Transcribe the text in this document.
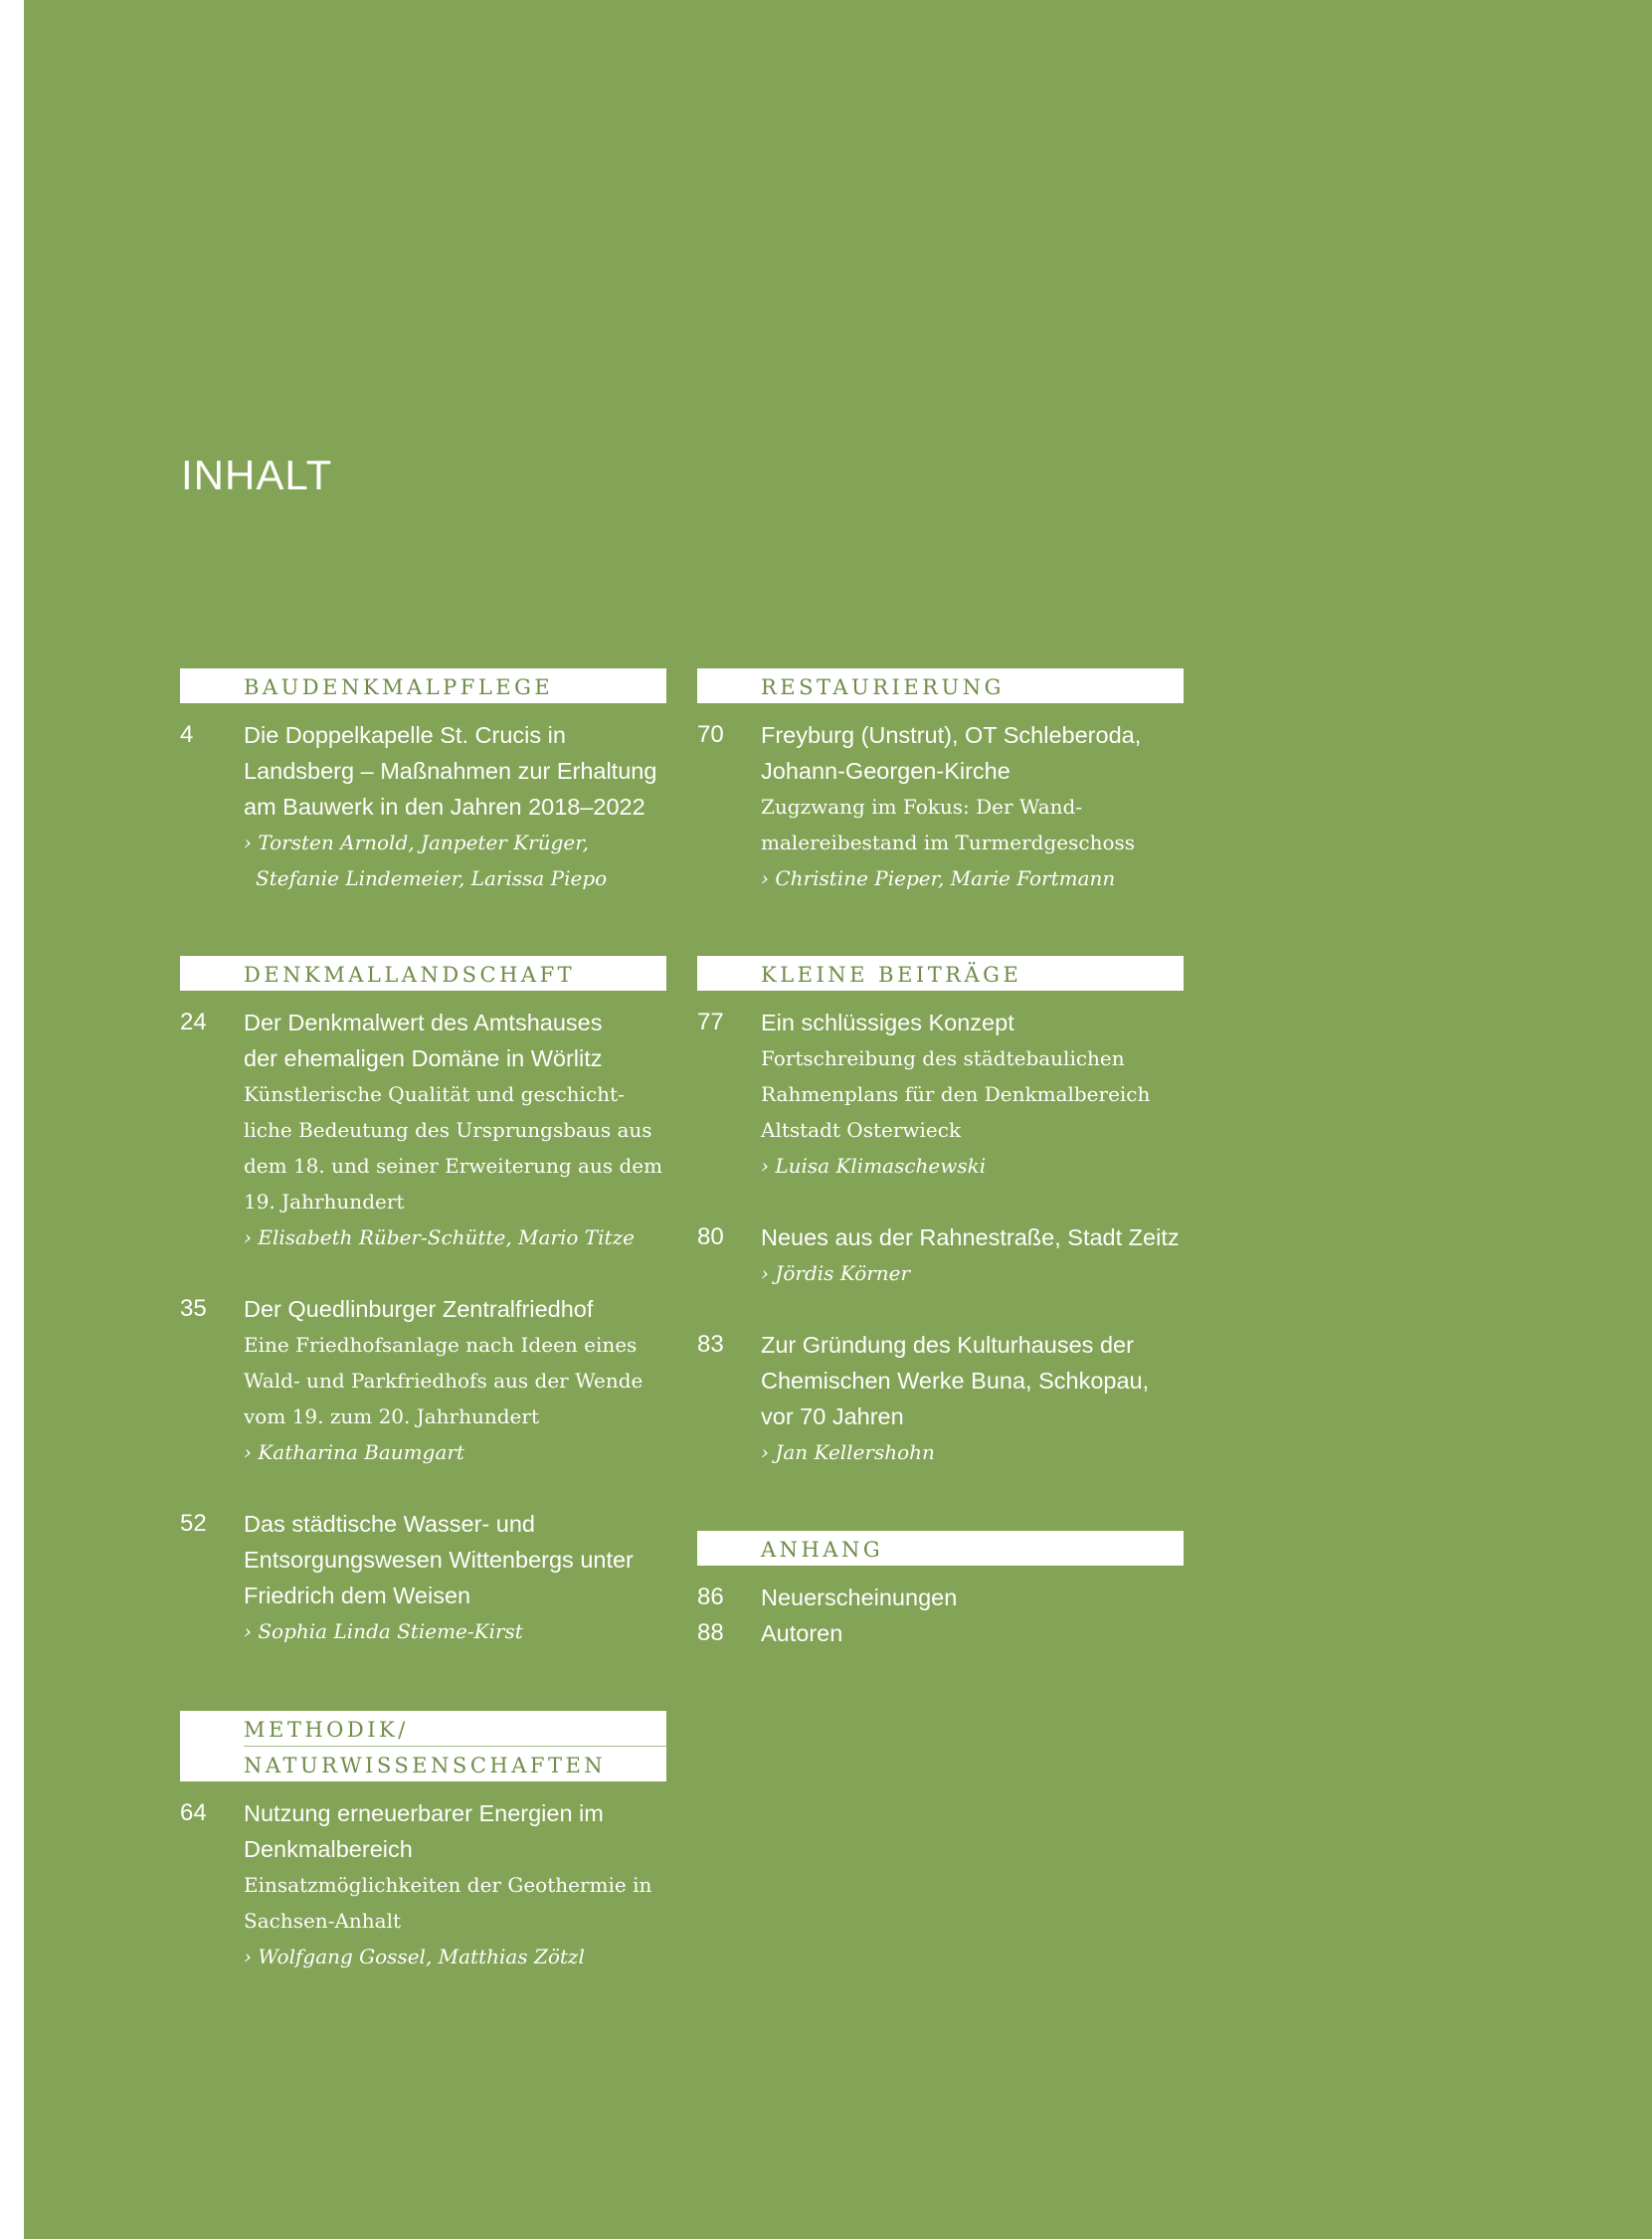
INHALT
BAUDENKMALPFLEGE
4	Die Doppelkapelle St. Crucis in
Landsberg – Maßnahmen zur Erhaltung
am Bauwerk in den Jahren 2018–2022
› Torsten Arnold, Janpeter Krüger,
Stefanie Lindemeier, Larissa Piepo
DENKMALLANDSCHAFT
24	Der Denkmalwert des Amtshauses
der ehemaligen Domäne in Wörlitz
Künstlerische Qualität und geschicht-
liche Bedeutung des Ursprungsbaus aus
dem 18. und seiner Erweiterung aus dem
19. Jahrhundert
› Elisabeth Rüber-Schütte, Mario Titze
35	Der Quedlinburger Zentralfriedhof
Eine Friedhofsanlage nach Ideen eines
Wald- und Parkfriedhofs aus der Wende
vom 19. zum 20. Jahrhundert
› Katharina Baumgart
52	Das städtische Wasser- und
Entsorgungswesen Wittenbergs unter
Friedrich dem Weisen
› Sophia Linda Stieme-Kirst
METHODIK/
NATURWISSENSCHAFTEN
64	Nutzung erneuerbarer Energien im
Denkmalbereich
Einsatzmöglichkeiten der Geothermie in
Sachsen-Anhalt
› Wolfgang Gossel, Matthias Zötzl
RESTAURIERUNG
70	Freyburg (Unstrut), OT Schleberoda,
Johann-Georgen-Kirche
Zugzwang im Fokus: Der Wand-
malereibestand im Turmerdgeschoss
› Christine Pieper, Marie Fortmann
KLEINE BEITRÄGE
77	Ein schlüssiges Konzept
Fortschreibung des städtebaulichen
Rahmenplans für den Denkmalbereich
Altstadt Osterwieck
› Luisa Klimaschewski
80	Neues aus der Rahnestraße, Stadt Zeitz
› Jördis Körner
83	Zur Gründung des Kulturhauses der
Chemischen Werke Buna, Schkopau,
vor 70 Jahren
› Jan Kellershohn
ANHANG
86	Neuerscheinungen
88	Autoren
